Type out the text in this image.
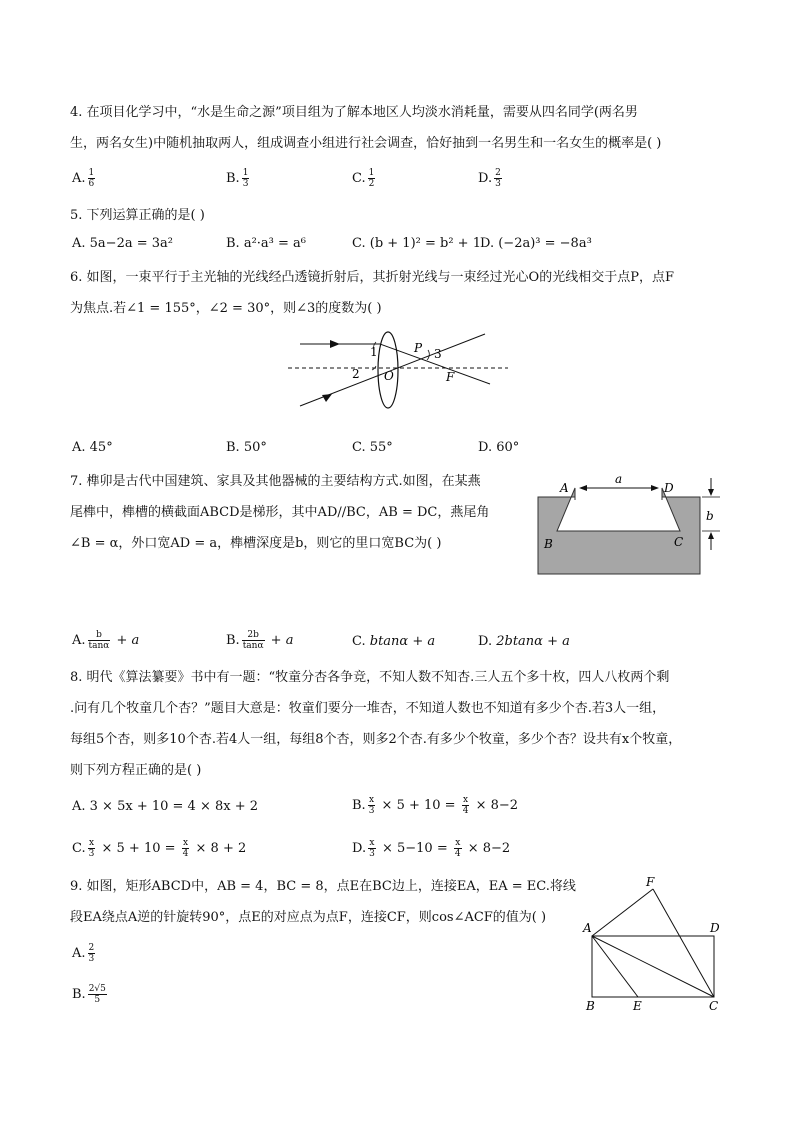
4. 在项目化学习中，“水是生命之源”项目组为了解本地区人均淡水消耗量，需要从四名同学(两名男
生，两名女生)中随机抽取两人，组成调查小组进行社会调查，恰好抽到一名男生和一名女生的概率是( )
A. $\frac{1}{6}$	B. $\frac{1}{3}$	C. $\frac{1}{2}$	D. $\frac{2}{3}$
5. 下列运算正确的是( )
A. 5a−2a = 3a²	B. a²·a³ = a⁶	C. (b + 1)² = b² + 1 D. (−2a)³ = −8a³
6. 如图，一束平行于主光轴的光线经凸透镜折射后，其折射光线与一束经过光心O的光线相交于点P，点F
为焦点.若∠1 = 155°，∠2 = 30°，则∠3的度数为( )
1
2
3
P
O	F
A. 45°	B. 50°	C. 55°	D. 60°
7. 榫卯是古代中国建筑、家具及其他器械的主要结构方式.如图，在某燕
尾榫中，榫槽的横截面ABCD是梯形，其中AD//BC，AB = DC，燕尾角
∠B = α，外口宽AD = a，榫槽深度是b，则它的里口宽BC为( )
A	D
B	C
a
b
A. $\frac{b}{\tan\alpha} + a$	B. $\frac{2b}{\tan\alpha} + a$	C. btanα + a	D. 2btanα + a
8. 明代《算法纂要》书中有一题：“牧童分杏各争竞，不知人数不知杏.三人五个多十枚，四人八枚两个剩
.问有几个牧童几个杏？”题目大意是：牧童们要分一堆杏，不知道人数也不知道有多少个杏.若3人一组，
每组5个杏，则多10个杏.若4人一组，每组8个杏，则多2个杏.有多少个牧童，多少个杏？设共有x个牧童，
则下列方程正确的是( )
A. 3 × 5x + 10 = 4 × 8x + 2	B. $\frac{x}{3} \times 5 + 10 = \frac{x}{4} \times 8-2$
C. $\frac{x}{3} \times 5 + 10 = \frac{x}{4} \times 8 + 2$	D. $\frac{x}{3} \times 5-10 = \frac{x}{4} \times 8-2$
9. 如图，矩形ABCD中，AB = 4，BC = 8，点E在BC边上，连接EA，EA = EC.将线
段EA绕点A逆的针旋转90°，点E的对应点为点F，连接CF，则cos∠ACF的值为( )
F
A	D
B	E	C
A. $\frac{2}{3}$
B. $\frac{2√5}{5}$
